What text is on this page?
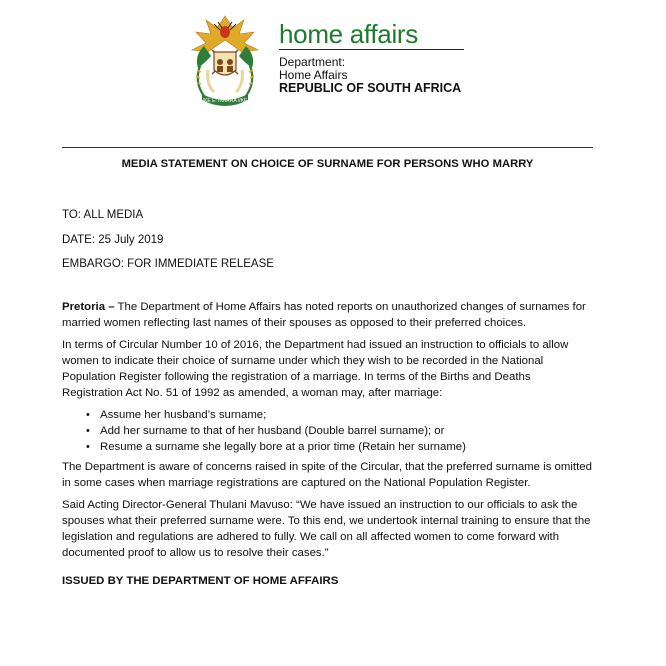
!KE E: /XARRA //KE
home affairs
Department:
Home Affairs
REPUBLIC OF SOUTH AFRICA
MEDIA STATEMENT ON CHOICE OF SURNAME FOR PERSONS WHO MARRY
TO: ALL MEDIA
DATE: 25 July 2019
EMBARGO: FOR IMMEDIATE RELEASE

Pretoria – The Department of Home Affairs has noted reports on unauthorized changes of surnames for married women reflecting last names of their spouses as opposed to their preferred choices.

In terms of Circular Number 10 of 2016, the Department had issued an instruction to officials to allow women to indicate their choice of surname under which they wish to be recorded in the National Population Register following the registration of a marriage. In terms of the Births and Deaths Registration Act No. 51 of 1992 as amended, a woman may, after marriage:

• Assume her husband’s surname;
• Add her surname to that of her husband (Double barrel surname); or
• Resume a surname she legally bore at a prior time (Retain her surname)

The Department is aware of concerns raised in spite of the Circular, that the preferred surname is omitted in some cases when marriage registrations are captured on the National Population Register.

Said Acting Director-General Thulani Mavuso: “We have issued an instruction to our officials to ask the spouses what their preferred surname were. To this end, we undertook internal training to ensure that the legislation and regulations are adhered to fully. We call on all affected women to come forward with documented proof to allow us to resolve their cases.”

ISSUED BY THE DEPARTMENT OF HOME AFFAIRS
